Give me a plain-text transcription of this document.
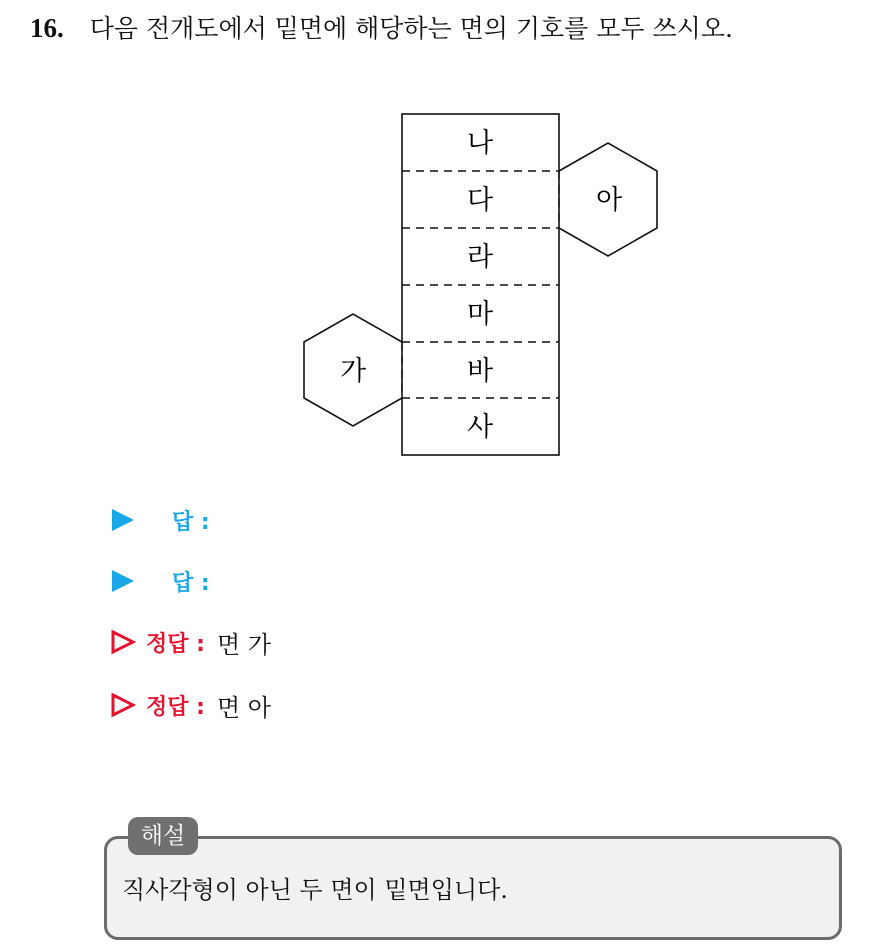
16. 다음 전개도에서 밑면에 해당하는 면의 기호를 모두 쓰시오.
나
다
라
마
바
사
아
가
답 :
답 :
정답 : 면 가
정답 : 면 아
해설
직사각형이 아닌 두 면이 밑면입니다.
